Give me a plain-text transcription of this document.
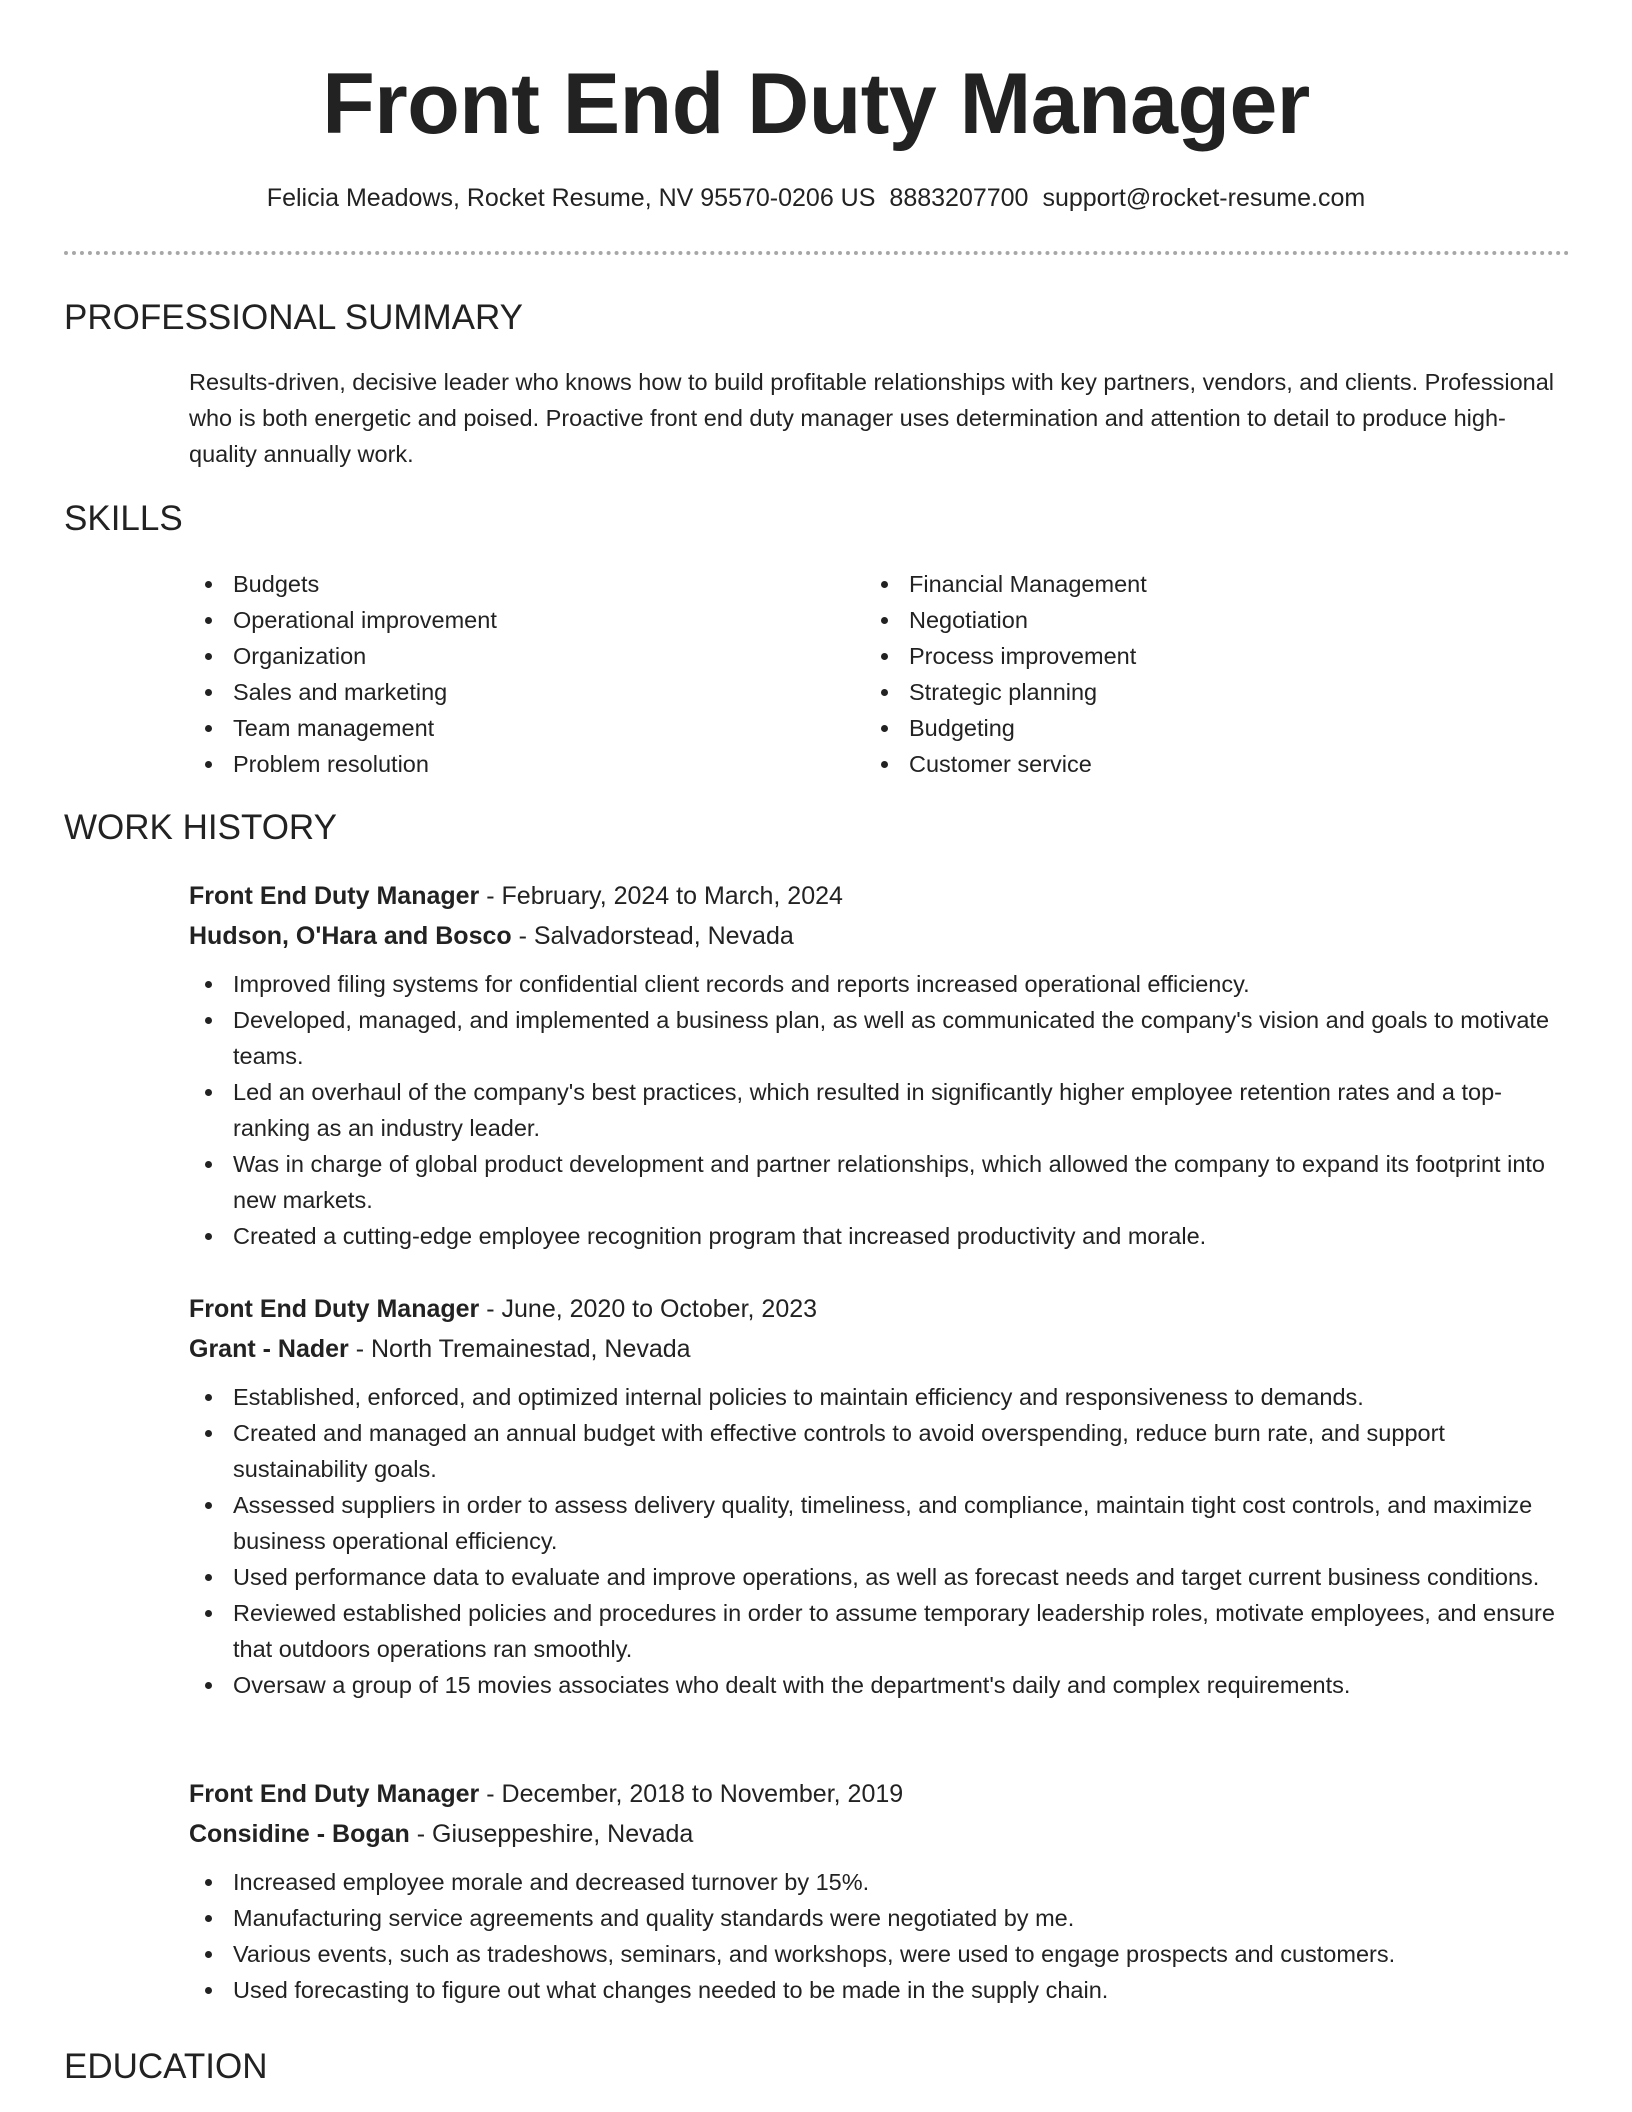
Front End Duty Manager
Felicia Meadows, Rocket Resume, NV 95570-0206 US 8883207700 support@rocket-resume.com
PROFESSIONAL SUMMARY

Results-driven, decisive leader who knows how to build profitable relationships with key partners, vendors, and clients. Professional who is both energetic and poised. Proactive front end duty manager uses determination and attention to detail to produce high-quality annually work.

SKILLS
Budgets
Operational improvement
Organization
Sales and marketing
Team management
Problem resolution
Financial Management
Negotiation
Process improvement
Strategic planning
Budgeting
Customer service
WORK HISTORY
Front End Duty Manager - February, 2024 to March, 2024
Hudson, O'Hara and Bosco - Salvadorstead, Nevada
Improved filing systems for confidential client records and reports increased operational efficiency.
Developed, managed, and implemented a business plan, as well as communicated the company's vision and goals to motivate teams.
Led an overhaul of the company's best practices, which resulted in significantly higher employee retention rates and a top-ranking as an industry leader.
Was in charge of global product development and partner relationships, which allowed the company to expand its footprint into new markets.
Created a cutting-edge employee recognition program that increased productivity and morale.
Front End Duty Manager - June, 2020 to October, 2023
Grant - Nader - North Tremainestad, Nevada
Established, enforced, and optimized internal policies to maintain efficiency and responsiveness to demands.
Created and managed an annual budget with effective controls to avoid overspending, reduce burn rate, and support sustainability goals.
Assessed suppliers in order to assess delivery quality, timeliness, and compliance, maintain tight cost controls, and maximize business operational efficiency.
Used performance data to evaluate and improve operations, as well as forecast needs and target current business conditions.
Reviewed established policies and procedures in order to assume temporary leadership roles, motivate employees, and ensure that outdoors operations ran smoothly.
Oversaw a group of 15 movies associates who dealt with the department's daily and complex requirements.
Front End Duty Manager - December, 2018 to November, 2019
Considine - Bogan - Giuseppeshire, Nevada
Increased employee morale and decreased turnover by 15%.
Manufacturing service agreements and quality standards were negotiated by me.
Various events, such as tradeshows, seminars, and workshops, were used to engage prospects and customers.
Used forecasting to figure out what changes needed to be made in the supply chain.
EDUCATION
